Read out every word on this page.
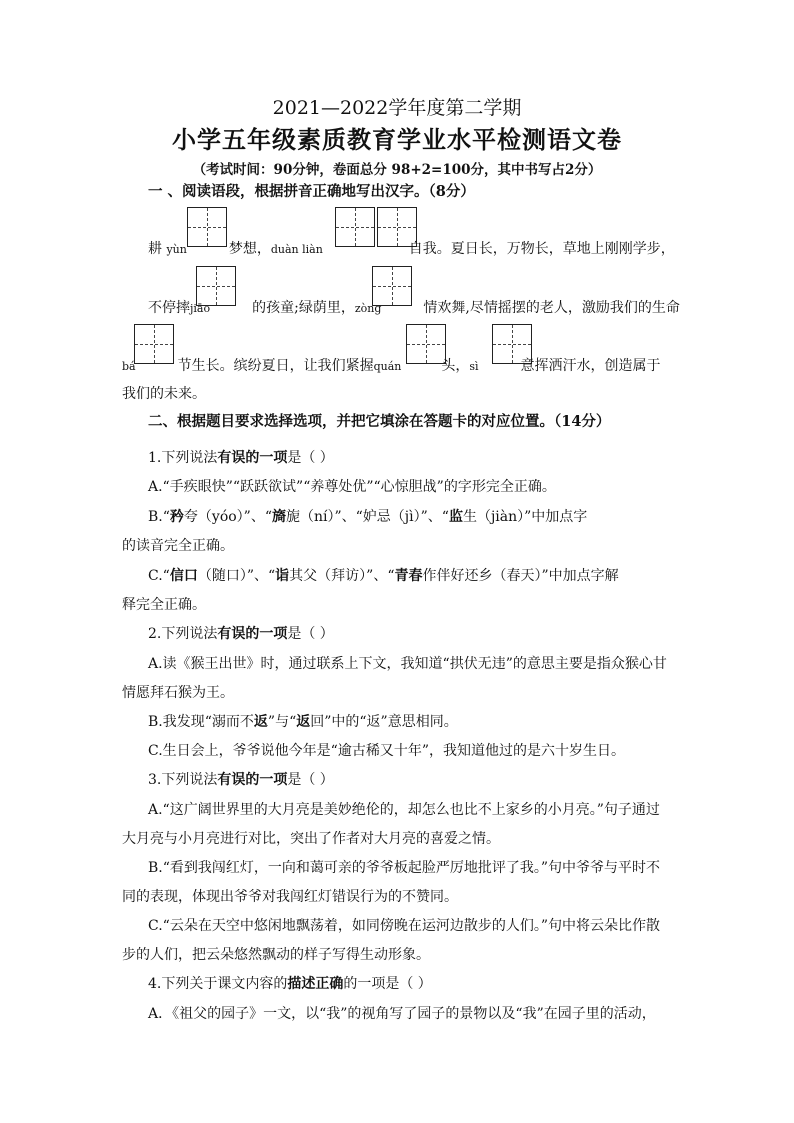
2021—2022学年度第二学期
小学五年级素质教育学业水平检测语文卷
（考试时间：90分钟，卷面总分 98+2=100分，其中书写占2分）
一 、阅读语段，根据拼音正确地写出汉字。（8分）
耕 yùn	梦想，duàn liàn	自我。夏日长，万物长，草地上刚刚学步，
不停摔jiāo	的孩童;绿荫里，zòng	情欢舞,尽情摇摆的老人，激励我们的生命
bá	节生长。缤纷夏日，让我们紧握quán	头，sì	意挥洒汗水，创造属于
我们的未来。
二、根据题目要求选择选项，并把它填涂在答题卡的对应位置。（14分）
1.下列说法有误的一项是（ ）
A.“手疾眼快”“跃跃欲试”“养尊处优”“心惊胆战”的字形完全正确。
B.“矜夸（yóo）”、“旖旎（ní）”、“妒忌（jì）”、“监生（jiàn）”中加点字
的读音完全正确。
C.“信口（随口）”、“诣其父（拜访）”、“青春作伴好还乡（春天）”中加点字解
释完全正确。
2.下列说法有误的一项是（ ）
A.读《猴王出世》时，通过联系上下文，我知道“拱伏无违”的意思主要是指众猴心甘
情愿拜石猴为王。
B.我发现“溺而不返”与“返回”中的“返”意思相同。
C.生日会上，爷爷说他今年是“逾古稀又十年”，我知道他过的是六十岁生日。
3.下列说法有误的一项是（ ）
A.“这广阔世界里的大月亮是美妙绝伦的，却怎么也比不上家乡的小月亮。”句子通过
大月亮与小月亮进行对比，突出了作者对大月亮的喜爱之情。
B.“看到我闯红灯，一向和蔼可亲的爷爷板起脸严厉地批评了我。”句中爷爷与平时不
同的表现，体现出爷爷对我闯红灯错误行为的不赞同。
C.“云朵在天空中悠闲地飘荡着，如同傍晚在运河边散步的人们。”句中将云朵比作散
步的人们，把云朵悠然飘动的样子写得生动形象。
4.下列关于课文内容的描述正确的一项是（ ）
A．《祖父的园子》一文，以“我”的视角写了园子的景物以及“我”在园子里的活动，
